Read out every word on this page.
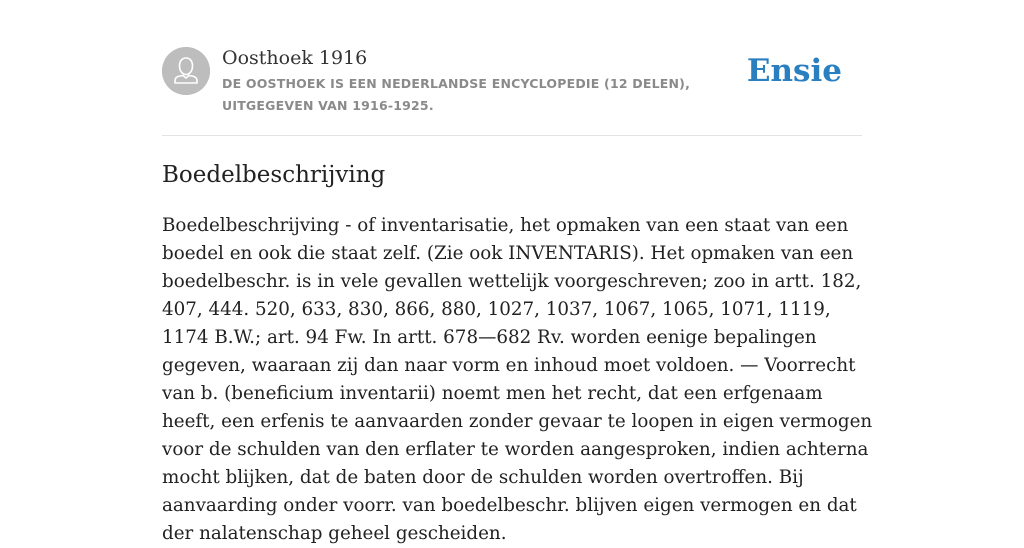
Oosthoek 1916
DE OOSTHOEK IS EEN NEDERLANDSE ENCYCLOPEDIE (12 DELEN), UITGEGEVEN VAN 1916-1925.
Ensie
Boedelbeschrijving

Boedelbeschrijving - of inventarisatie, het opmaken van een staat van een boedel en ook die staat zelf. (Zie ook INVENTARIS). Het opmaken van een boedelbeschr. is in vele gevallen wettelijk voorgeschreven; zoo in artt. 182, 407, 444. 520, 633, 830, 866, 880, 1027, 1037, 1067, 1065, 1071, 1119, 1174 B.W.; art. 94 Fw. In artt. 678—682 Rv. worden eenige bepalingen gegeven, waaraan zij dan naar vorm en inhoud moet voldoen. — Voorrecht van b. (beneficium inventarii) noemt men het recht, dat een erfgenaam heeft, een erfenis te aanvaarden zonder gevaar te loopen in eigen vermogen voor de schulden van den erflater te worden aangesproken, indien achterna mocht blijken, dat de baten door de schulden worden overtroffen. Bij aanvaarding onder voorr. van boedelbeschr. blijven eigen vermogen en dat der nalatenschap geheel gescheiden.
